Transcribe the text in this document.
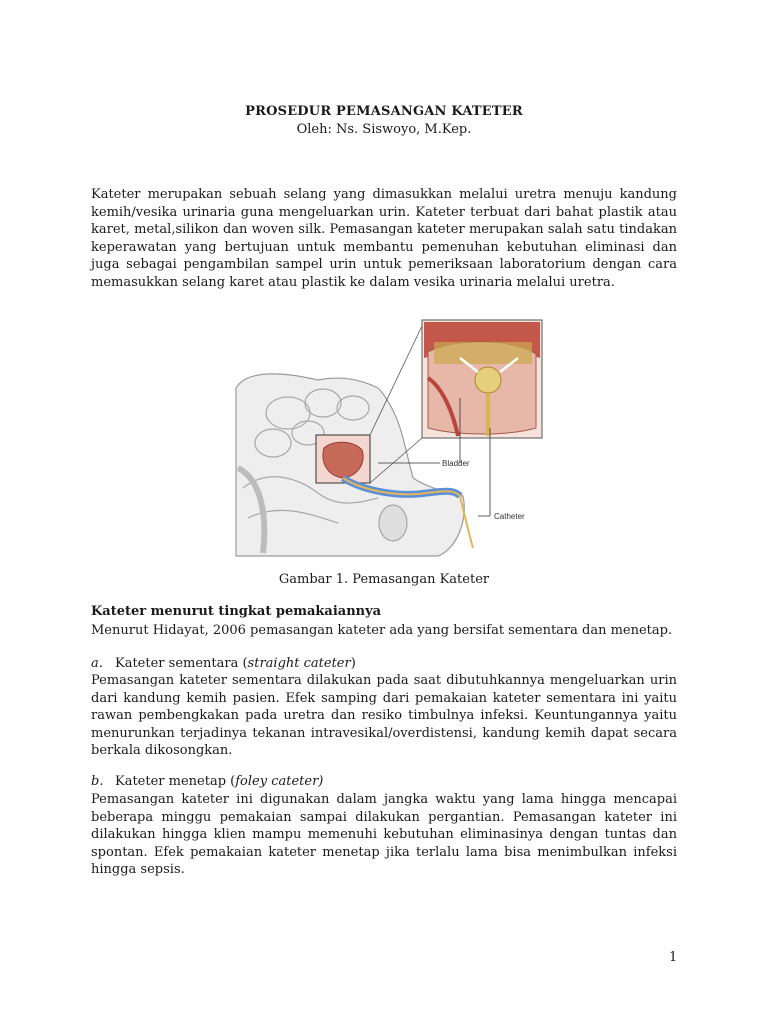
PROSEDUR PEMASANGAN KATETER
Oleh: Ns. Siswoyo, M.Kep.

Kateter merupakan sebuah selang yang dimasukkan melalui uretra menuju kandung kemih/vesika urinaria guna mengeluarkan urin. Kateter terbuat dari bahat plastik atau karet, metal,silikon dan woven silk. Pemasangan kateter merupakan salah satu tindakan keperawatan yang bertujuan untuk membantu pemenuhan kebutuhan eliminasi dan juga sebagai pengambilan sampel urin untuk pemeriksaan laboratorium dengan cara memasukkan selang karet atau plastik ke dalam vesika urinaria melalui uretra.

Bladder
Catheter
Gambar 1. Pemasangan Kateter
Kateter menurut tingkat pemakaiannya

Menurut Hidayat, 2006 pemasangan kateter ada yang bersifat sementara dan menetap.

a. Kateter sementara (straight cateter)

Pemasangan kateter sementara dilakukan pada saat dibutuhkannya mengeluarkan urin dari kandung kemih pasien. Efek samping dari pemakaian kateter sementara ini yaitu rawan pembengkakan pada uretra dan resiko timbulnya infeksi. Keuntungannya yaitu menurunkan terjadinya tekanan intravesikal/overdistensi, kandung kemih dapat secara berkala dikosongkan.

b. Kateter menetap (foley cateter)

Pemasangan kateter ini digunakan dalam jangka waktu yang lama hingga mencapai beberapa minggu pemakaian sampai dilakukan pergantian. Pemasangan kateter ini dilakukan hingga klien mampu memenuhi kebutuhan eliminasinya dengan tuntas dan spontan. Efek pemakaian kateter menetap jika terlalu lama bisa menimbulkan infeksi hingga sepsis.

1
